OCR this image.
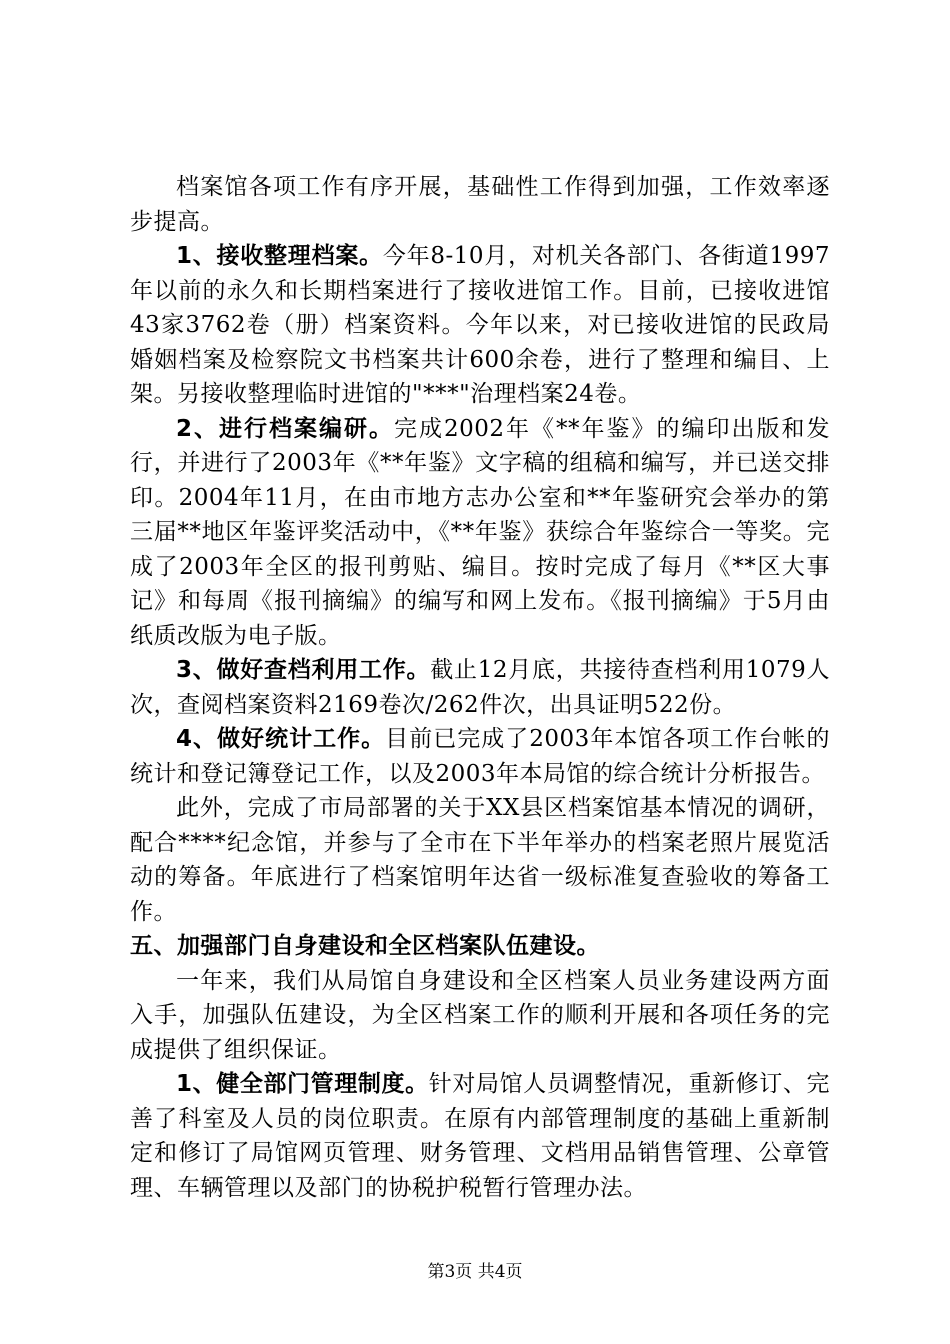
档案馆各项工作有序开展，基础性工作得到加强，工作效率逐步提高。

1、接收整理档案。今年8-10月，对机关各部门、各街道1997年以前的永久和长期档案进行了接收进馆工作。目前，已接收进馆43家3762卷（册）档案资料。今年以来，对已接收进馆的民政局婚姻档案及检察院文书档案共计600余卷，进行了整理和编目、上架。另接收整理临时进馆的"***"治理档案24卷。

2、进行档案编研。完成2002年《**年鉴》的编印出版和发行，并进行了2003年《**年鉴》文字稿的组稿和编写，并已送交排印。2004年11月，在由市地方志办公室和**年鉴研究会举办的第三届**地区年鉴评奖活动中，《**年鉴》获综合年鉴综合一等奖。完成了2003年全区的报刊剪贴、编目。按时完成了每月《**区大事记》和每周《报刊摘编》的编写和网上发布。《报刊摘编》于5月由纸质改版为电子版。

3、做好查档利用工作。截止12月底，共接待查档利用1079人次，查阅档案资料2169卷次/262件次，出具证明522份。

4、做好统计工作。目前已完成了2003年本馆各项工作台帐的统计和登记簿登记工作，以及2003年本局馆的综合统计分析报告。

此外，完成了市局部署的关于XX县区档案馆基本情况的调研，配合****纪念馆，并参与了全市在下半年举办的档案老照片展览活动的筹备。年底进行了档案馆明年达省一级标准复查验收的筹备工作。

五、加强部门自身建设和全区档案队伍建设。

一年来，我们从局馆自身建设和全区档案人员业务建设两方面入手，加强队伍建设，为全区档案工作的顺利开展和各项任务的完成提供了组织保证。

1、健全部门管理制度。针对局馆人员调整情况，重新修订、完善了科室及人员的岗位职责。在原有内部管理制度的基础上重新制定和修订了局馆网页管理、财务管理、文档用品销售管理、公章管理、车辆管理以及部门的协税护税暂行管理办法。

第3页 共4页
